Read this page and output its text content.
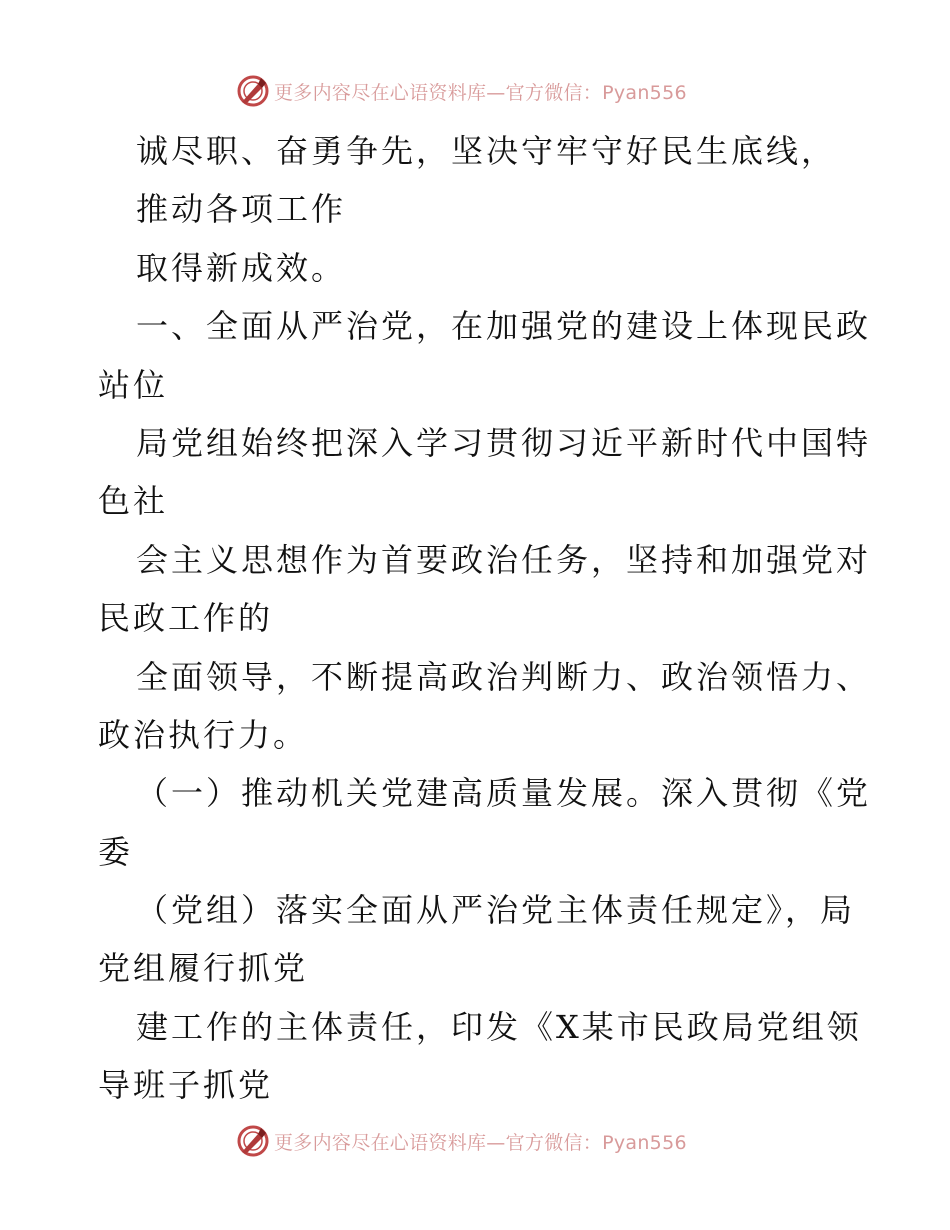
更多内容尽在心语资料库—官方微信：Pyan556
诚尽职、奋勇争先，坚决守牢守好民生底线，
推动各项工作
取得新成效。
一、全面从严治党，在加强党的建设上体现民政
站位
局党组始终把深入学习贯彻习近平新时代中国特
色社
会主义思想作为首要政治任务，坚持和加强党对
民政工作的
全面领导，不断提高政治判断力、政治领悟力、
政治执行力。
（一）推动机关党建高质量发展。深入贯彻《党
委
（党组）落实全面从严治党主体责任规定》，局
党组履行抓党
建工作的主体责任，印发《X某市民政局党组领
导班子抓党
更多内容尽在心语资料库—官方微信：Pyan556
